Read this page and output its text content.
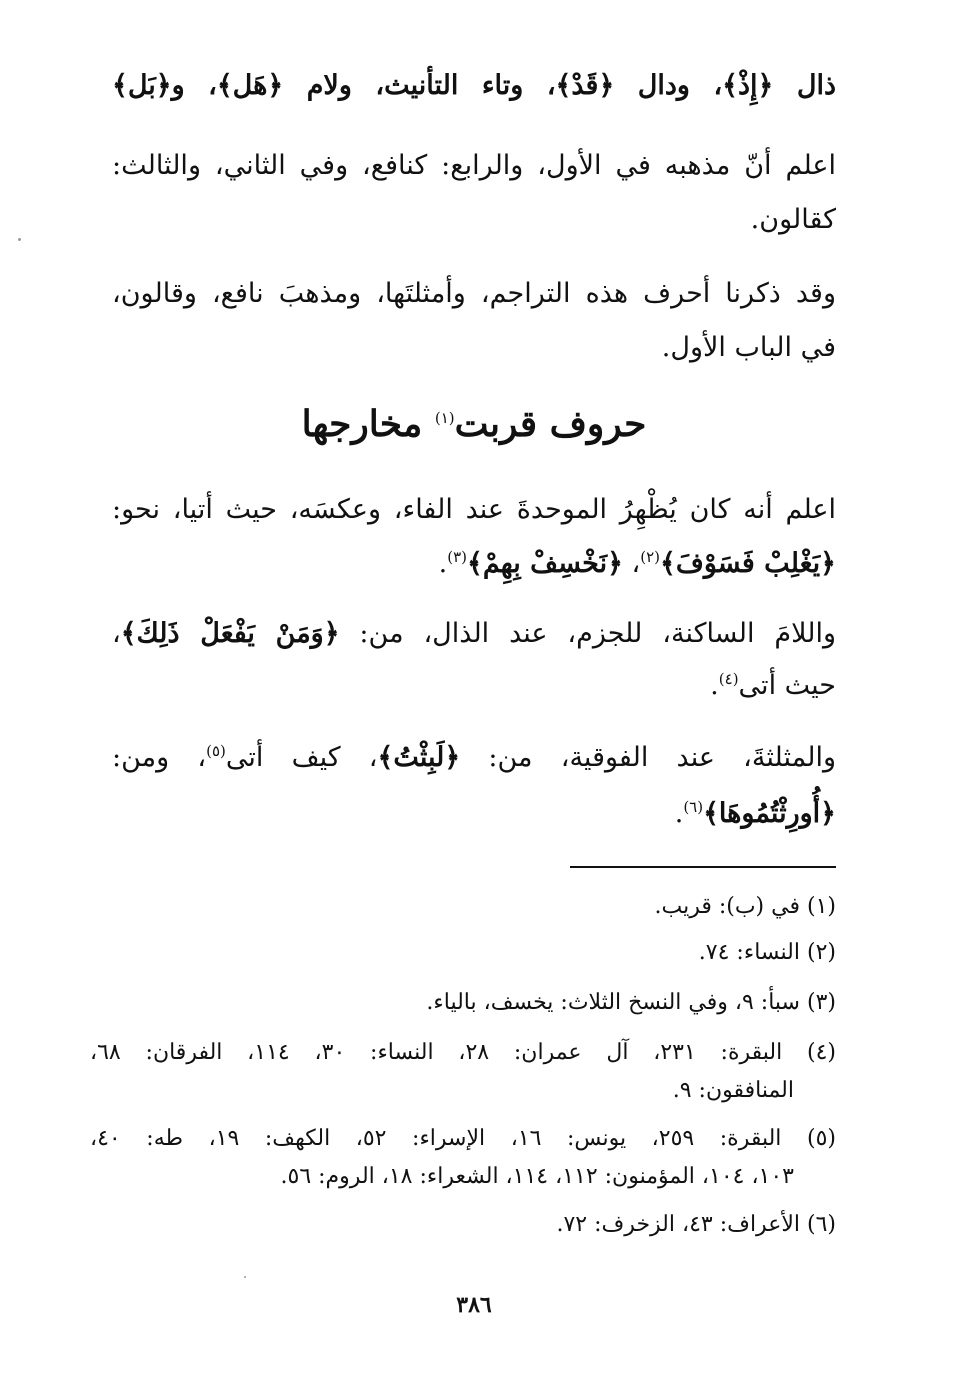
ذال ﴿إِذْ﴾، ودال ﴿قَدْ﴾، وتاء التأنيث، ولام ﴿هَل﴾، و﴿بَل﴾
اعلم أنّ مذهبه في الأول، والرابع: كنافع، وفي الثاني، والثالث:
كقالون.
وقد ذكرنا أحرف هذه التراجم، وأمثلتَها، ومذهبَ نافع، وقالون،
في الباب الأول.
حروف قربت$^{(١)}$ مخارجها
اعلم أنه كان يُظْهِرُ الموحدةَ عند الفاء، وعكسَه، حيث أتيا، نحو:
﴿يَغْلِبْ فَسَوْفَ﴾$^{(٢)}$، ﴿نَخْسِفْ بِهِمْ﴾$^{(٣)}$.
واللامَ الساكنة، للجزم، عند الذال، من: ﴿وَمَنْ يَفْعَلْ ذَلِكَ﴾،
حيث أتى$^{(٤)}$.
والمثلثةَ، عند الفوقية، من: ﴿لَبِثْتُ﴾، كيف أتى$^{(٥)}$، ومن:
﴿أُورِثْتُمُوهَا﴾$^{(٦)}$.
(١) في (ب): قريب.
(٢) النساء: ٧٤.
(٣) سبأ: ٩، وفي النسخ الثلاث: يخسف، بالياء.
(٤) البقرة: ٢٣١، آل عمران: ٢٨، النساء: ٣٠، ١١٤، الفرقان: ٦٨،
المنافقون: ٩.
(٥) البقرة: ٢٥٩، يونس: ١٦، الإسراء: ٥٢، الكهف: ١٩، طه: ٤٠،
١٠٣، ١٠٤، المؤمنون: ١١٢، ١١٤، الشعراء: ١٨، الروم: ٥٦.
(٦) الأعراف: ٤٣، الزخرف: ٧٢.
٣٨٦
